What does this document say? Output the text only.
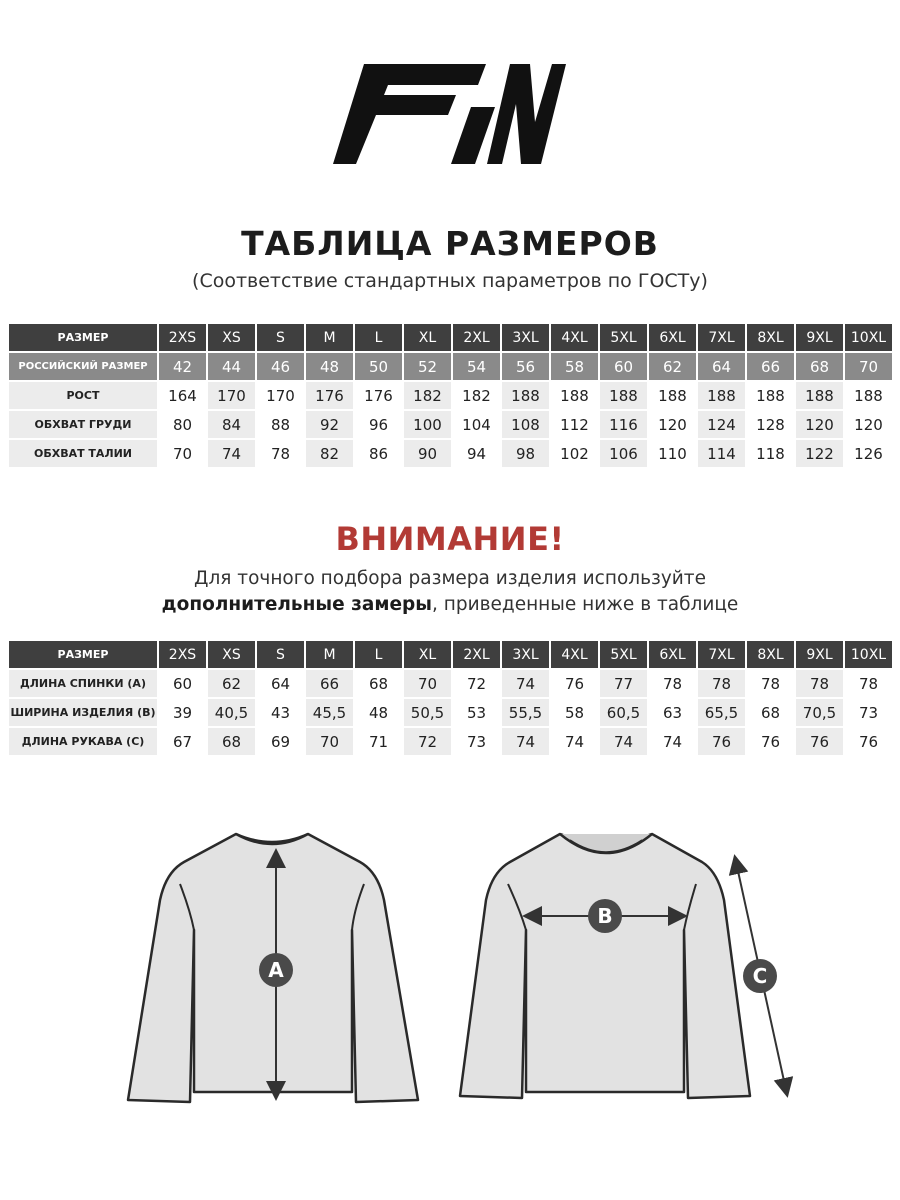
ТАБЛИЦА РАЗМЕРОВ
(Соответствие стандартных параметров по ГОСТу)
РАЗМЕР	2XS	XS	S	M	L	XL	2XL	3XL	4XL	5XL	6XL	7XL	8XL	9XL	10XL
РОССИЙСКИЙ РАЗМЕР	42	44	46	48	50	52	54	56	58	60	62	64	66	68	70
РОСТ	164	170	170	176	176	182	182	188	188	188	188	188	188	188	188
ОБХВАТ ГРУДИ	80	84	88	92	96	100	104	108	112	116	120	124	128	120	120
ОБХВАТ ТАЛИИ	70	74	78	82	86	90	94	98	102	106	110	114	118	122	126
ВНИМАНИЕ!
Для точного подбора размера изделия используйте
дополнительные замеры, приведенные ниже в таблице
РАЗМЕР	2XS	XS	S	M	L	XL	2XL	3XL	4XL	5XL	6XL	7XL	8XL	9XL	10XL
ДЛИНА СПИНКИ (А)	60	62	64	66	68	70	72	74	76	77	78	78	78	78	78
ШИРИНА ИЗДЕЛИЯ (В)	39	40,5	43	45,5	48	50,5	53	55,5	58	60,5	63	65,5	68	70,5	73
ДЛИНА РУКАВА (С)	67	68	69	70	71	72	73	74	74	74	74	76	76	76	76
A
B
C
